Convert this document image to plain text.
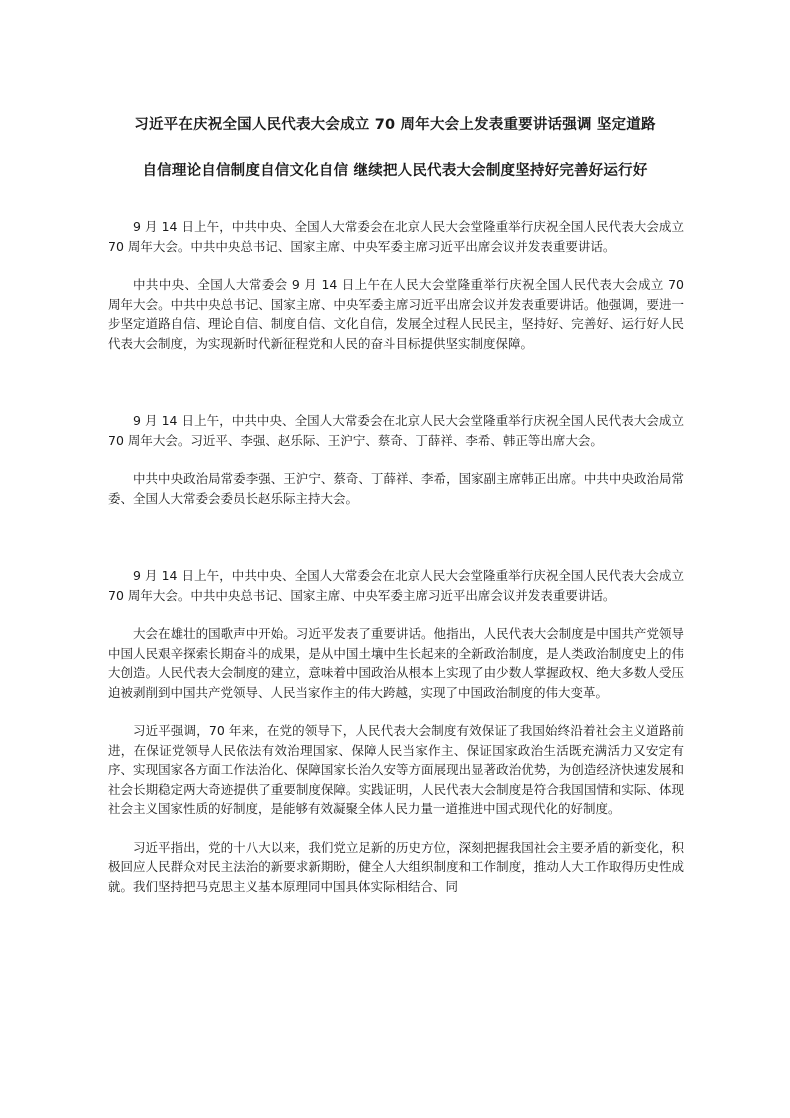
习近平在庆祝全国人民代表大会成立 70 周年大会上发表重要讲话强调 坚定道路

自信理论自信制度自信文化自信 继续把人民代表大会制度坚持好完善好运行好

9 月 14 日上午，中共中央、全国人大常委会在北京人民大会堂隆重举行庆祝全国人民代表大会成立 70 周年大会。中共中央总书记、国家主席、中央军委主席习近平出席会议并发表重要讲话。

中共中央、全国人大常委会 9 月 14 日上午在人民大会堂隆重举行庆祝全国人民代表大会成立 70 周年大会。中共中央总书记、国家主席、中央军委主席习近平出席会议并发表重要讲话。他强调，要进一步坚定道路自信、理论自信、制度自信、文化自信，发展全过程人民民主，坚持好、完善好、运行好人民代表大会制度，为实现新时代新征程党和人民的奋斗目标提供坚实制度保障。

9 月 14 日上午，中共中央、全国人大常委会在北京人民大会堂隆重举行庆祝全国人民代表大会成立 70 周年大会。习近平、李强、赵乐际、王沪宁、蔡奇、丁薛祥、李希、韩正等出席大会。

中共中央政治局常委李强、王沪宁、蔡奇、丁薛祥、李希，国家副主席韩正出席。中共中央政治局常委、全国人大常委会委员长赵乐际主持大会。

9 月 14 日上午，中共中央、全国人大常委会在北京人民大会堂隆重举行庆祝全国人民代表大会成立 70 周年大会。中共中央总书记、国家主席、中央军委主席习近平出席会议并发表重要讲话。

大会在雄壮的国歌声中开始。习近平发表了重要讲话。他指出，人民代表大会制度是中国共产党领导中国人民艰辛探索长期奋斗的成果，是从中国土壤中生长起来的全新政治制度，是人类政治制度史上的伟大创造。人民代表大会制度的建立，意味着中国政治从根本上实现了由少数人掌握政权、绝大多数人受压迫被剥削到中国共产党领导、人民当家作主的伟大跨越，实现了中国政治制度的伟大变革。

习近平强调，70 年来，在党的领导下，人民代表大会制度有效保证了我国始终沿着社会主义道路前进，在保证党领导人民依法有效治理国家、保障人民当家作主、保证国家政治生活既充满活力又安定有序、实现国家各方面工作法治化、保障国家长治久安等方面展现出显著政治优势，为创造经济快速发展和社会长期稳定两大奇迹提供了重要制度保障。实践证明，人民代表大会制度是符合我国国情和实际、体现社会主义国家性质的好制度，是能够有效凝聚全体人民力量一道推进中国式现代化的好制度。

习近平指出，党的十八大以来，我们党立足新的历史方位，深刻把握我国社会主要矛盾的新变化，积极回应人民群众对民主法治的新要求新期盼，健全人大组织制度和工作制度，推动人大工作取得历史性成就。我们坚持把马克思主义基本原理同中国具体实际相结合、同
